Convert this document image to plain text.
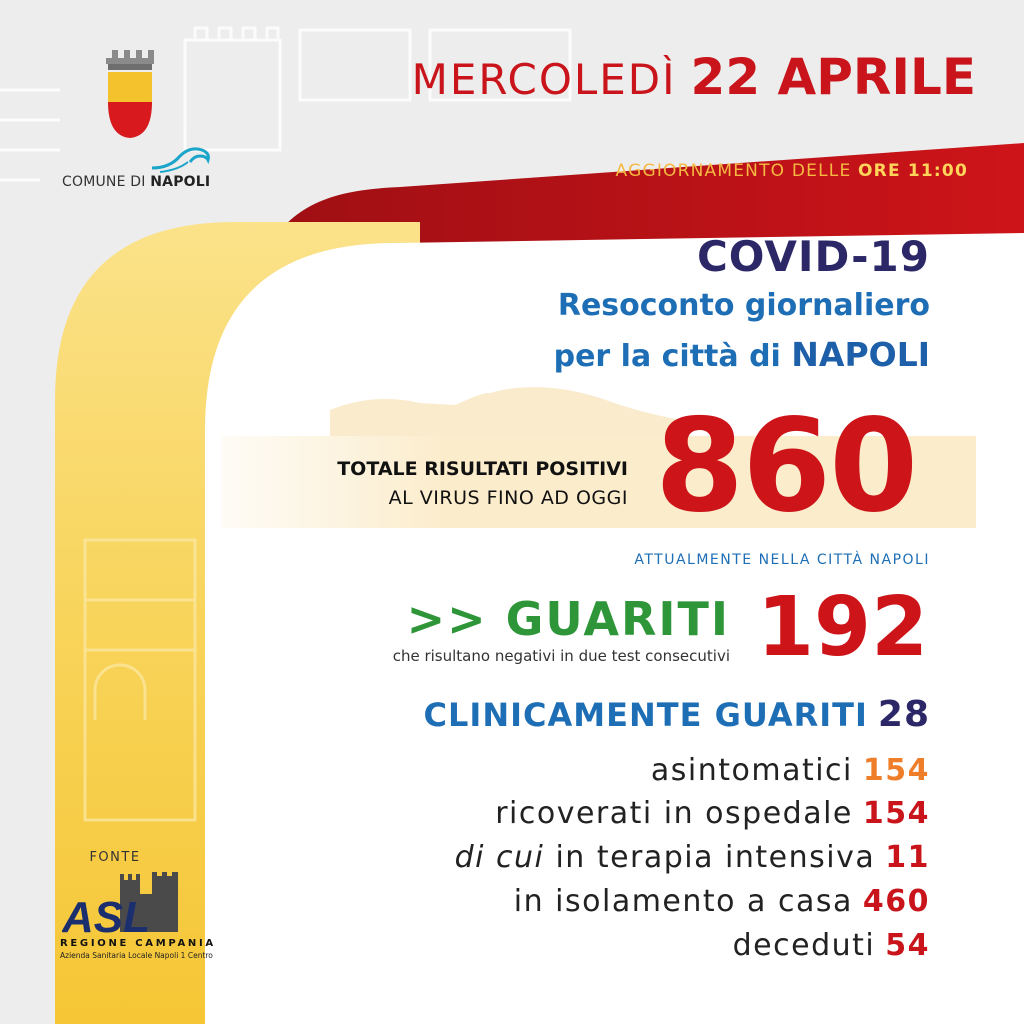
COMUNE DI NAPOLI
MERCOLEDÌ 22 APRILE
AGGIORNAMENTO DELLE ORE 11:00
COVID-19
Resoconto giornaliero
per la città di NAPOLI
TOTALE RISULTATI POSITIVI
AL VIRUS FINO AD OGGI 860
ATTUALMENTE NELLA CITTÀ NAPOLI
>> GUARITI
che risultano negativi in due test consecutivi 192
CLINICAMENTE GUARITI 28
asintomatici 154
ricoverati in ospedale 154
di cui in terapia intensiva 11
in isolamento a casa 460
deceduti 54
FONTE
ASL
REGIONE CAMPANIA
Azienda Sanitaria Locale Napoli 1 Centro
